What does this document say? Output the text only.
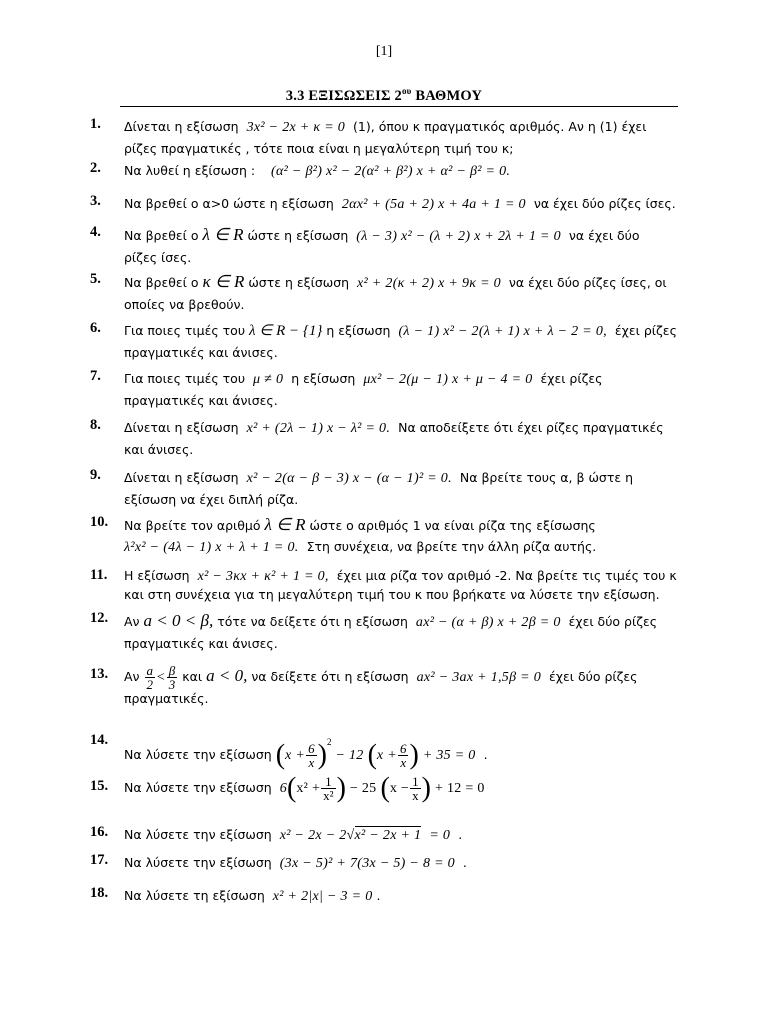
[1]
3.3 ΕΞΙΣΩΣΕΙΣ $2^{o\upsilon}$ ΒΑΘΜΟΥ
1. Δίνεται η εξίσωση 3x² − 2x + κ = 0 (1), όπου κ πραγματικός αριθμός. Αν η (1) έχει
ρίζες πραγματικές , τότε ποια είναι η μεγαλύτερη τιμή του κ;
2. Να λυθεί η εξίσωση : (α² − β²) x² − 2(α² + β²) x + α² − β² = 0.
3. Να βρεθεί ο α>0 ώστε η εξίσωση 2αx² + (5a + 2) x + 4a + 1 = 0 να έχει δύο ρίζες ίσες.
4. Να βρεθεί ο λ ∈ R ώστε η εξίσωση (λ − 3) x² − (λ + 2) x + 2λ + 1 = 0 να έχει δύο
ρίζες ίσες.
5. Να βρεθεί ο κ ∈ R ώστε η εξίσωση x² + 2(κ + 2) x + 9κ = 0 να έχει δύο ρίζες ίσες, οι
οποίες να βρεθούν.
6. Για ποιες τιμές του λ ∈ R − {1} η εξίσωση (λ − 1) x² − 2(λ + 1) x + λ − 2 = 0, έχει ρίζες
πραγματικές και άνισες.
7. Για ποιες τιμές του μ ≠ 0 η εξίσωση μx² − 2(μ − 1) x + μ − 4 = 0 έχει ρίζες
πραγματικές και άνισες.
8. Δίνεται η εξίσωση x² + (2λ − 1) x − λ² = 0. Να αποδείξετε ότι έχει ρίζες πραγματικές
και άνισες.
9. Δίνεται η εξίσωση x² − 2(α − β − 3) x − (α − 1)² = 0. Να βρείτε τους α, β ώστε η
εξίσωση να έχει διπλή ρίζα.
10. Να βρείτε τον αριθμό λ ∈ R ώστε ο αριθμός 1 να είναι ρίζα της εξίσωσης
λ²x² − (4λ − 1) x + λ + 1 = 0. Στη συνέχεια, να βρείτε την άλλη ρίζα αυτής.
11. Η εξίσωση x² − 3κx + κ² + 1 = 0, έχει μια ρίζα τον αριθμό -2. Να βρείτε τις τιμές του κ
και στη συνέχεια για τη μεγαλύτερη τιμή του κ που βρήκατε να λύσετε την εξίσωση.
12. Αν a < 0 < β, τότε να δείξετε ότι η εξίσωση ax² − (α + β) x + 2β = 0 έχει δύο ρίζες
πραγματικές και άνισες.
13. Αν $\frac{a}{2} < \frac{\beta}{3}$ και a < 0, να δείξετε ότι η εξίσωση ax² − 3ax + 1,5β = 0 έχει δύο ρίζες
πραγματικές.
14.
Να λύσετε την εξίσωση $(x + \frac{6}{x} )^2- 12$ ($x + \frac{6}{x}$ ) + 35 = 0 .
15. Να λύσετε την εξίσωση $6(x^2 + \frac{1}{\text{x²}}$ ) − 25 ($x - \frac{1}{x}$ ) + 12 = 0
16. Να λύσετε την εξίσωση x² − 2x − 2√x² − 2x + 1 = 0 .
17. Να λύσετε την εξίσωση (3x − 5)² + 7(3x − 5) − 8 = 0 .
18. Να λύσετε τη εξίσωση x² + 2|x| − 3 = 0 .
